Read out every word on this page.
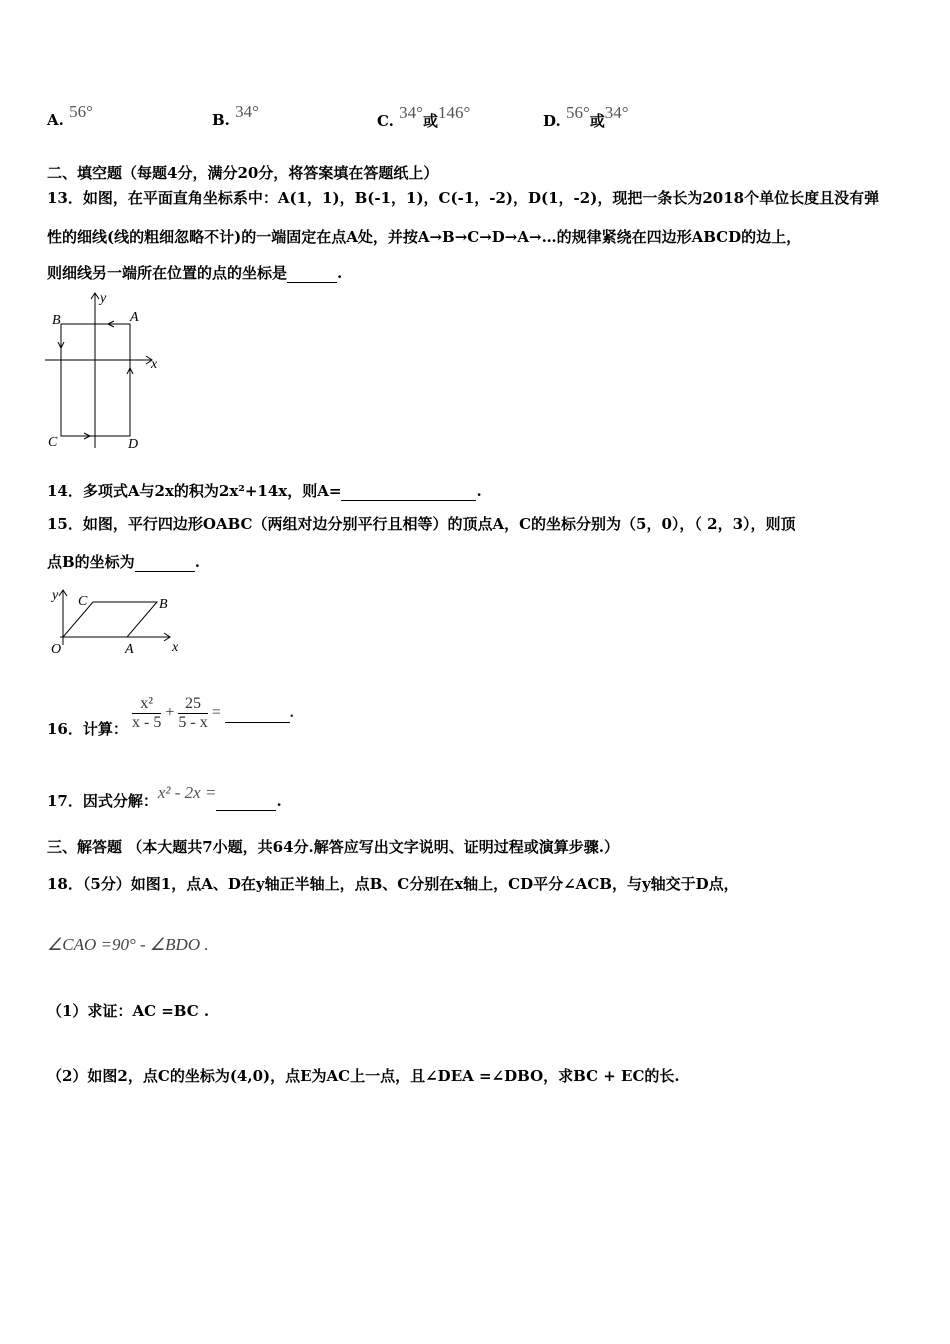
A. 56°	B. 34°	C. 34°或146°	D. 56°或34°
二、填空题（每题4分，满分20分，将答案填在答题纸上）
13．如图，在平面直角坐标系中：A(1，1)，B(-1，1)，C(-1，-2)，D(1，-2)，现把一条长为2018个单位长度且没有弹
性的细线(线的粗细忽略不计)的一端固定在点A处，并按A→B→C→D→A→…的规律紧绕在四边形ABCD的边上，
则细线另一端所在位置的点的坐标是	.
B	A
C	D
x
y
14．多项式A与2x的积为2x²+14x，则A=	.
15．如图，平行四边形OABC（两组对边分别平行且相等）的顶点A，C的坐标分别为（5，0），（ 2，3），则顶
点B的坐标为	.
O	A
B
C
x
y
16．计算： $\frac{\text{x²}}{x - 5} + \frac{25}{5 - x}$ =	.
17．因式分解：x² - 2x =	.
三、解答题 （本大题共7小题，共64分.解答应写出文字说明、证明过程或演算步骤.）
18．（5分）如图1，点A、D在y轴正半轴上，点B、C分别在x轴上，CD平分∠ACB，与y轴交于D点，
∠CAO =90° - ∠BDO .
（1）求证：AC =BC .
（2）如图2，点C的坐标为(4,0)，点E为AC上一点，且∠DEA =∠DBO，求BC + EC的长.
